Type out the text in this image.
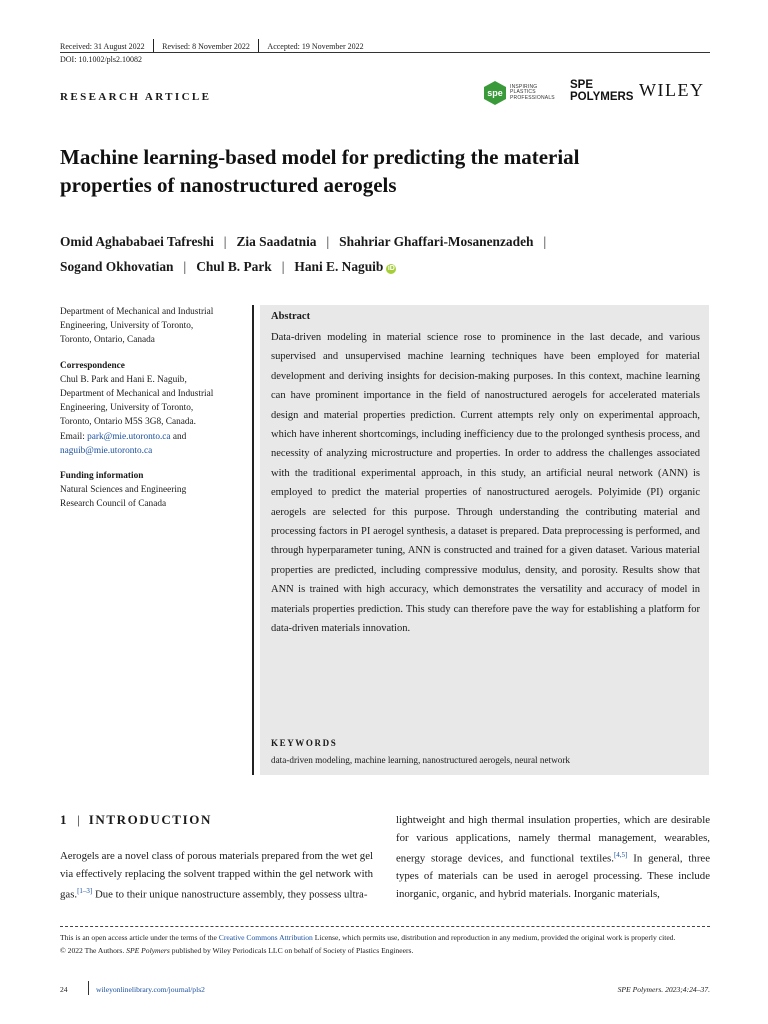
Received: 31 August 2022 Revised: 8 November 2022 Accepted: 19 November 2022
DOI: 10.1002/pls2.10082
RESEARCH ARTICLE	spe
INSPIRING
PLASTICS
PROFESSIONALS
SPE
POLYMERS WILEY
Machine learning-based model for predicting the material
properties of nanostructured aerogels
Omid Aghababaei Tafreshi | Zia Saadatnia | Shahriar Ghaffari-Mosanenzadeh |
Sogand Okhovatian | Chul B. Park | Hani E. Naguib iD

Department of Mechanical and Industrial
Engineering, University of Toronto,
Toronto, Ontario, Canada

Correspondence
Chul B. Park and Hani E. Naguib,
Department of Mechanical and Industrial
Engineering, University of Toronto,
Toronto, Ontario M5S 3G8, Canada.
Email: park@mie.utoronto.ca and
naguib@mie.utoronto.ca

Funding information
Natural Sciences and Engineering
Research Council of Canada

Abstract
Data-driven modeling in material science rose to prominence in the last decade, and various supervised and unsupervised machine learning techniques have been employed for material development and deriving insights for decision-making purposes. In this context, machine learning can have prominent importance in the field of nanostructured aerogels for accelerated materials design and material properties prediction. Current attempts rely only on experimental approach, which have inherent shortcomings, including inefficiency due to the prolonged synthesis process, and necessity of analyzing microstructure and properties. In order to address the challenges associated with the traditional experimental approach, in this study, an artificial neural network (ANN) is employed to predict the material properties of nanostructured aerogels. Polyimide (PI) organic aerogels are selected for this purpose. Through understanding the contributing material and processing factors in PI aerogel synthesis, a dataset is prepared. Data preprocessing is performed, and through hyperparameter tuning, ANN is constructed and trained for a given dataset. Various material properties are predicted, including compressive modulus, density, and porosity. Results show that ANN is trained with high accuracy, which demonstrates the versatility and accuracy of model in materials properties prediction. This study can therefore pave the way for establishing a platform for data-driven materials innovation.
KEYWORDS
data-driven modeling, machine learning, nanostructured aerogels, neural network
1 | INTRODUCTION
Aerogels are a novel class of porous materials prepared from the wet gel via effectively replacing the solvent trapped within the gel network with gas.[1–3] Due to their unique nanostructure assembly, they possess ultra-
lightweight and high thermal insulation properties, which are desirable for various applications, namely thermal management, wearables, energy storage devices, and functional textiles.[4,5] In general, three types of materials can be used in aerogel processing. These include inorganic, organic, and hybrid materials. Inorganic materials,
This is an open access article under the terms of the Creative Commons Attribution License, which permits use, distribution and reproduction in any medium, provided the original work is properly cited.
© 2022 The Authors. SPE Polymers published by Wiley Periodicals LLC on behalf of Society of Plastics Engineers.
24	wileyonlinelibrary.com/journal/pls2	SPE Polymers. 2023;4:24–37.
